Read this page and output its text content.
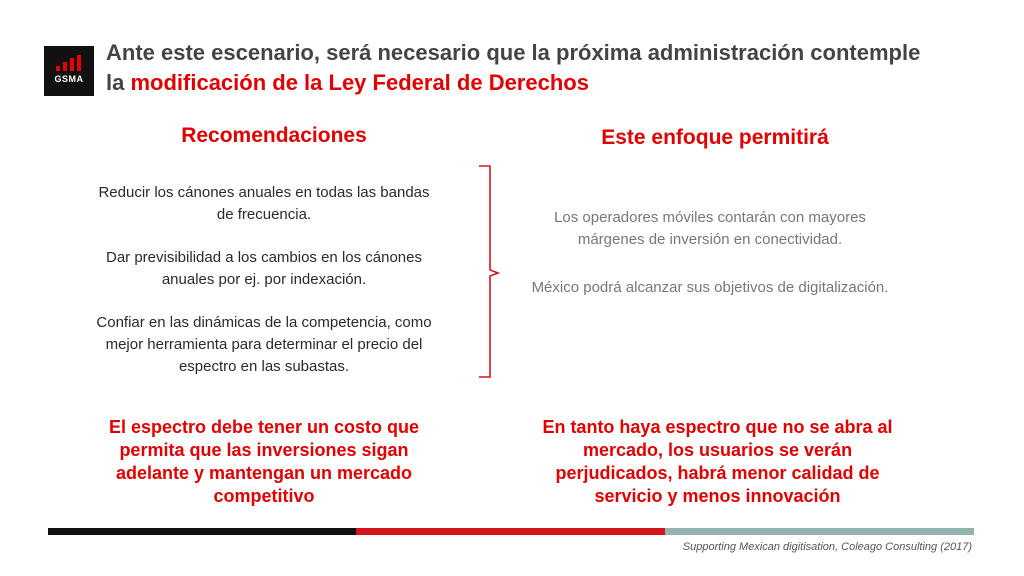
GSMA
Ante este escenario, será necesario que la próxima administración contemple
la modificación de la Ley Federal de Derechos
Recomendaciones
Reducir los cánones anuales en todas las bandas de frecuencia.
Dar previsibilidad a los cambios en los cánones anuales por ej. por indexación.
Confiar en las dinámicas de la competencia, como mejor herramienta para determinar el precio del espectro en las subastas.
El espectro debe tener un costo que permita que las inversiones sigan adelante y mantengan un mercado competitivo
Este enfoque permitirá
Los operadores móviles contarán con mayores márgenes de inversión en conectividad.
México podrá alcanzar sus objetivos de digitalización.
En tanto haya espectro que no se abra al mercado, los usuarios se verán perjudicados, habrá menor calidad de servicio y menos innovación
Supporting Mexican digitisation, Coleago Consulting (2017)
